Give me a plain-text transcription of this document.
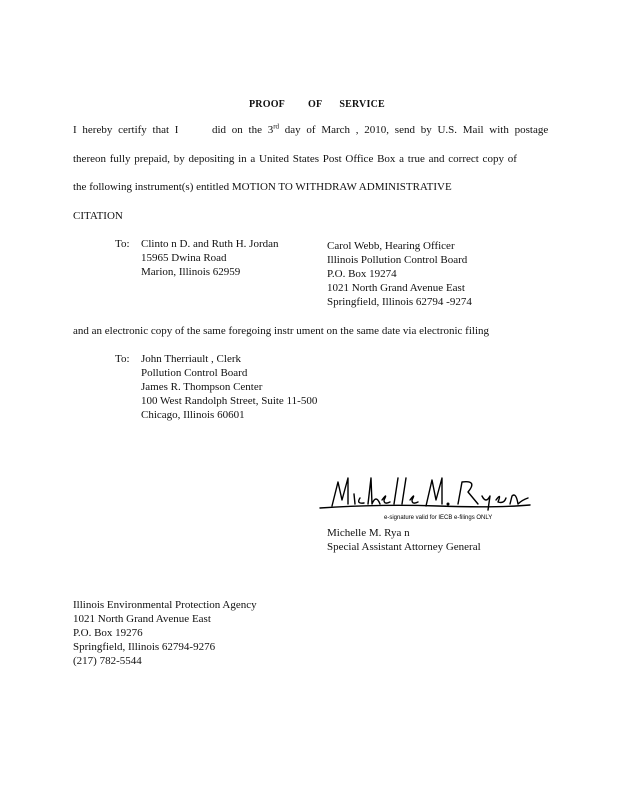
PROOF OF SERVICE
I hereby certify that I	did on the 3rd day of March , 2010, send by U.S. Mail with postage
thereon fully prepaid, by depositing in a United States Post Office Box a true and correct copy of
the following instrument(s) entitled MOTION TO WITHDRAW ADMINISTRATIVE
CITATION
To: Clinto n D. and Ruth H. Jordan
15965 Dwina Road
Marion, Illinois 62959
Carol Webb, Hearing Officer
Illinois Pollution Control Board
P.O. Box 19274
1021 North Grand Avenue East
Springfield, Illinois 62794 -9274
and an electronic copy of the same foregoing instr ument on the same date via electronic filing
To: John Therriault , Clerk
Pollution Control Board
James R. Thompson Center
100 West Randolph Street, Suite 11-500
Chicago, Illinois 60601
e-signature valid for IECB e-filings ONLY
Michelle M. Rya n
Special Assistant Attorney General
Illinois Environmental Protection Agency
1021 North Grand Avenue East
P.O. Box 19276
Springfield, Illinois 62794-9276
(217) 782-5544
